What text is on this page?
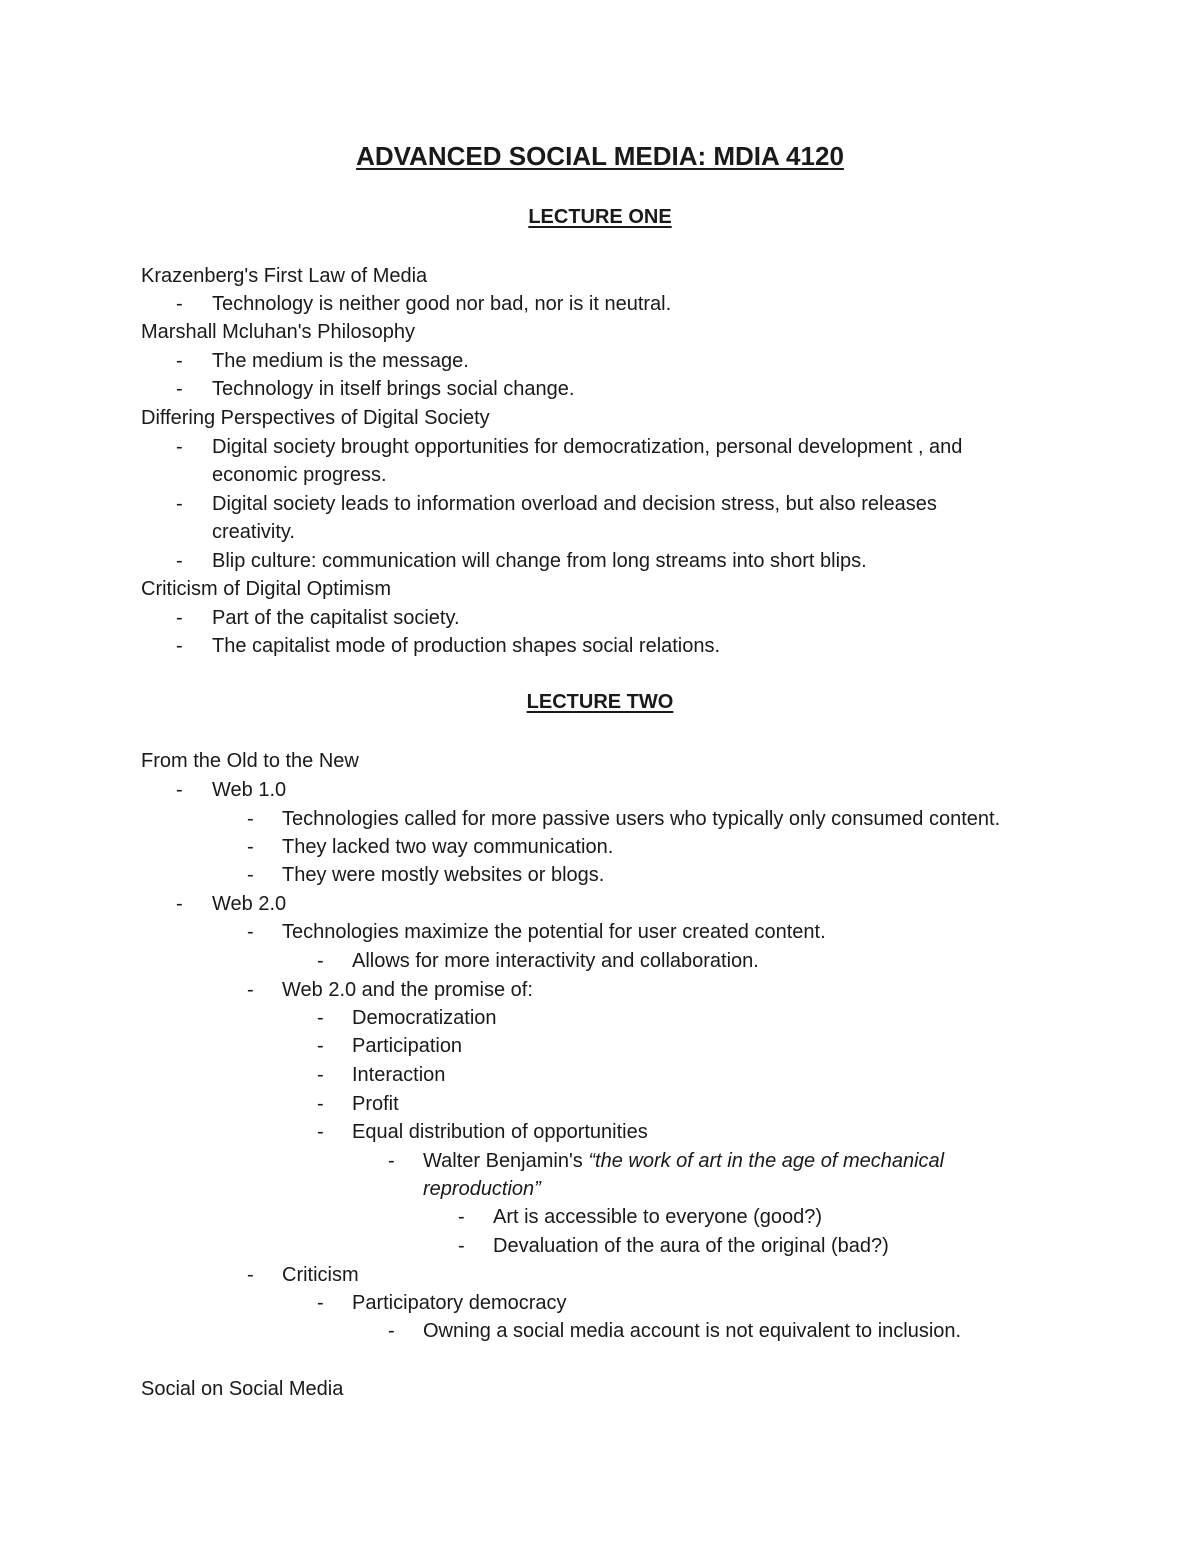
ADVANCED SOCIAL MEDIA: MDIA 4120
LECTURE ONE
Krazenberg's First Law of Media
- Technology is neither good nor bad, nor is it neutral.
Marshall Mcluhan's Philosophy
- The medium is the message.
- Technology in itself brings social change.
Differing Perspectives of Digital Society
- Digital society brought opportunities for democratization, personal development , and
economic progress.
- Digital society leads to information overload and decision stress, but also releases
creativity.
- Blip culture: communication will change from long streams into short blips.
Criticism of Digital Optimism
- Part of the capitalist society.
- The capitalist mode of production shapes social relations.
LECTURE TWO
From the Old to the New
- Web 1.0
- Technologies called for more passive users who typically only consumed content.
- They lacked two way communication.
- They were mostly websites or blogs.
- Web 2.0
- Technologies maximize the potential for user created content.
- Allows for more interactivity and collaboration.
- Web 2.0 and the promise of:
- Democratization
- Participation
- Interaction
- Profit
- Equal distribution of opportunities
- Walter Benjamin's “the work of art in the age of mechanical
reproduction”
- Art is accessible to everyone (good?)
- Devaluation of the aura of the original (bad?)
- Criticism
- Participatory democracy
- Owning a social media account is not equivalent to inclusion.
Social on Social Media
